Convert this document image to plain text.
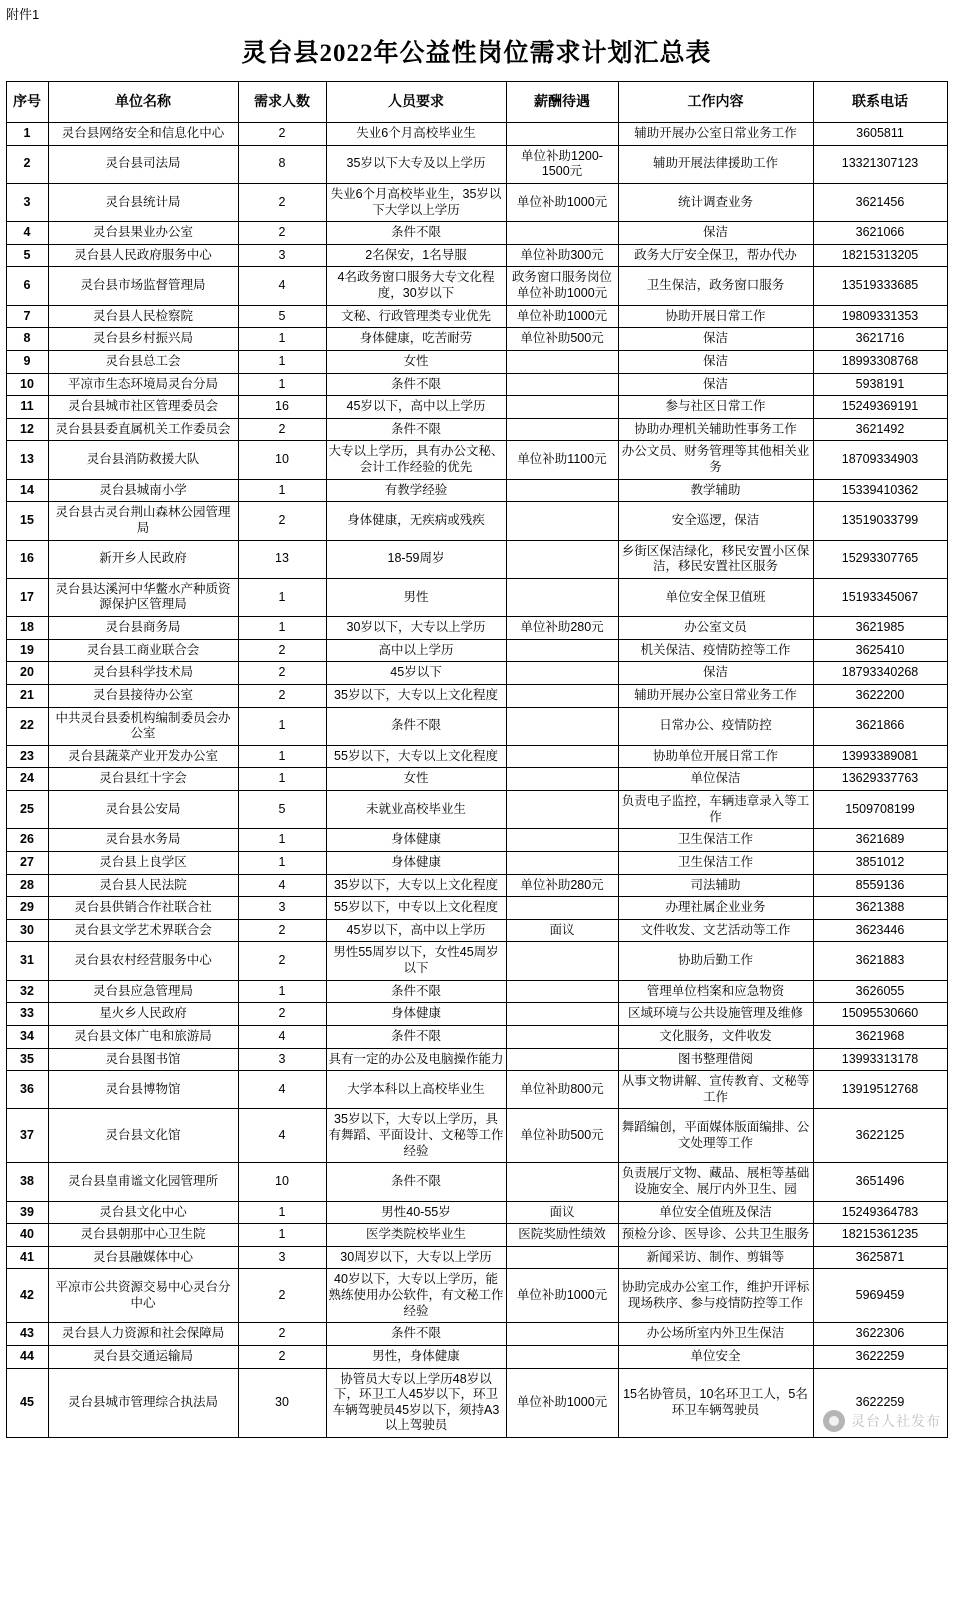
附件1
灵台县2022年公益性岗位需求计划汇总表
序号	单位名称	需求人数	人员要求	薪酬待遇	工作内容	联系电话
1	灵台县网络安全和信息化中心	2	失业6个月高校毕业生		辅助开展办公室日常业务工作	3605811
2	灵台县司法局	8	35岁以下大专及以上学历	单位补助1200-1500元	辅助开展法律援助工作	13321307123
3	灵台县统计局	2	失业6个月高校毕业生，35岁以下大学以上学历	单位补助1000元	统计调查业务	3621456
4	灵台县果业办公室	2	条件不限		保洁	3621066
5	灵台县人民政府服务中心	3	2名保安，1名导服	单位补助300元	政务大厅安全保卫，帮办代办	18215313205
6	灵台县市场监督管理局	4	4名政务窗口服务大专文化程度，30岁以下	政务窗口服务岗位单位补助1000元	卫生保洁，政务窗口服务	13519333685
7	灵台县人民检察院	5	文秘、行政管理类专业优先	单位补助1000元	协助开展日常工作	19809331353
8	灵台县乡村振兴局	1	身体健康，吃苦耐劳	单位补助500元	保洁	3621716
9	灵台县总工会	1	女性		保洁	18993308768
10	平凉市生态环境局灵台分局	1	条件不限		保洁	5938191
11	灵台县城市社区管理委员会	16	45岁以下，高中以上学历		参与社区日常工作	15249369191
12	灵台县县委直属机关工作委员会	2	条件不限		协助办理机关辅助性事务工作	3621492
13	灵台县消防救援大队	10	大专以上学历，具有办公文秘、会计工作经验的优先	单位补助1100元	办公文员、财务管理等其他相关业务	18709334903
14	灵台县城南小学	1	有教学经验		教学辅助	15339410362
15	灵台县古灵台荆山森林公园管理局	2	身体健康，无疾病或残疾		安全巡逻，保洁	13519033799
16	新开乡人民政府	13	18-59周岁		乡街区保洁绿化，移民安置小区保洁，移民安置社区服务	15293307765
17	灵台县达溪河中华鳖水产种质资源保护区管理局	1	男性		单位安全保卫值班	15193345067
18	灵台县商务局	1	30岁以下，大专以上学历	单位补助280元	办公室文员	3621985
19	灵台县工商业联合会	2	高中以上学历		机关保洁、疫情防控等工作	3625410
20	灵台县科学技术局	2	45岁以下		保洁	18793340268
21	灵台县接待办公室	2	35岁以下，大专以上文化程度		辅助开展办公室日常业务工作	3622200
22	中共灵台县委机构编制委员会办公室	1	条件不限		日常办公、疫情防控	3621866
23	灵台县蔬菜产业开发办公室	1	55岁以下，大专以上文化程度		协助单位开展日常工作	13993389081
24	灵台县红十字会	1	女性		单位保洁	13629337763
25	灵台县公安局	5	未就业高校毕业生		负责电子监控，车辆违章录入等工作	1509708199
26	灵台县水务局	1	身体健康		卫生保洁工作	3621689
27	灵台县上良学区	1	身体健康		卫生保洁工作	3851012
28	灵台县人民法院	4	35岁以下，大专以上文化程度	单位补助280元	司法辅助	8559136
29	灵台县供销合作社联合社	3	55岁以下，中专以上文化程度		办理社属企业业务	3621388
30	灵台县文学艺术界联合会	2	45岁以下，高中以上学历	面议	文件收发、文艺活动等工作	3623446
31	灵台县农村经营服务中心	2	男性55周岁以下，女性45周岁以下		协助后勤工作	3621883
32	灵台县应急管理局	1	条件不限		管理单位档案和应急物资	3626055
33	星火乡人民政府	2	身体健康		区域环境与公共设施管理及维修	15095530660
34	灵台县文体广电和旅游局	4	条件不限		文化服务，文件收发	3621968
35	灵台县图书馆	3	具有一定的办公及电脑操作能力		图书整理借阅	13993313178
36	灵台县博物馆	4	大学本科以上高校毕业生	单位补助800元	从事文物讲解、宣传教育、文秘等工作	13919512768
37	灵台县文化馆	4	35岁以下，大专以上学历，具有舞蹈、平面设计、文秘等工作经验	单位补助500元	舞蹈编创，平面媒体版面编排、公文处理等工作	3622125
38	灵台县皇甫谧文化园管理所	10	条件不限		负责展厅文物、藏品、展柜等基础设施安全、展厅内外卫生、园	3651496
39	灵台县文化中心	1	男性40-55岁	面议	单位安全值班及保洁	15249364783
40	灵台县朝那中心卫生院	1	医学类院校毕业生	医院奖励性绩效	预检分诊、医导诊、公共卫生服务	18215361235
41	灵台县融媒体中心	3	30周岁以下，大专以上学历		新闻采访、制作、剪辑等	3625871
42	平凉市公共资源交易中心灵台分中心	2	40岁以下，大专以上学历，能熟练使用办公软件，有文秘工作经验	单位补助1000元	协助完成办公室工作，维护开评标现场秩序、参与疫情防控等工作	5969459
43	灵台县人力资源和社会保障局	2	条件不限		办公场所室内外卫生保洁	3622306
44	灵台县交通运输局	2	男性，身体健康		单位安全	3622259
45	灵台县城市管理综合执法局	30	协管员大专以上学历48岁以下，环卫工人45岁以下，环卫车辆驾驶员45岁以下，须持A3以上驾驶员	单位补助1000元	15名协管员，10名环卫工人，5名环卫车辆驾驶员	3622259
灵台人社发布
